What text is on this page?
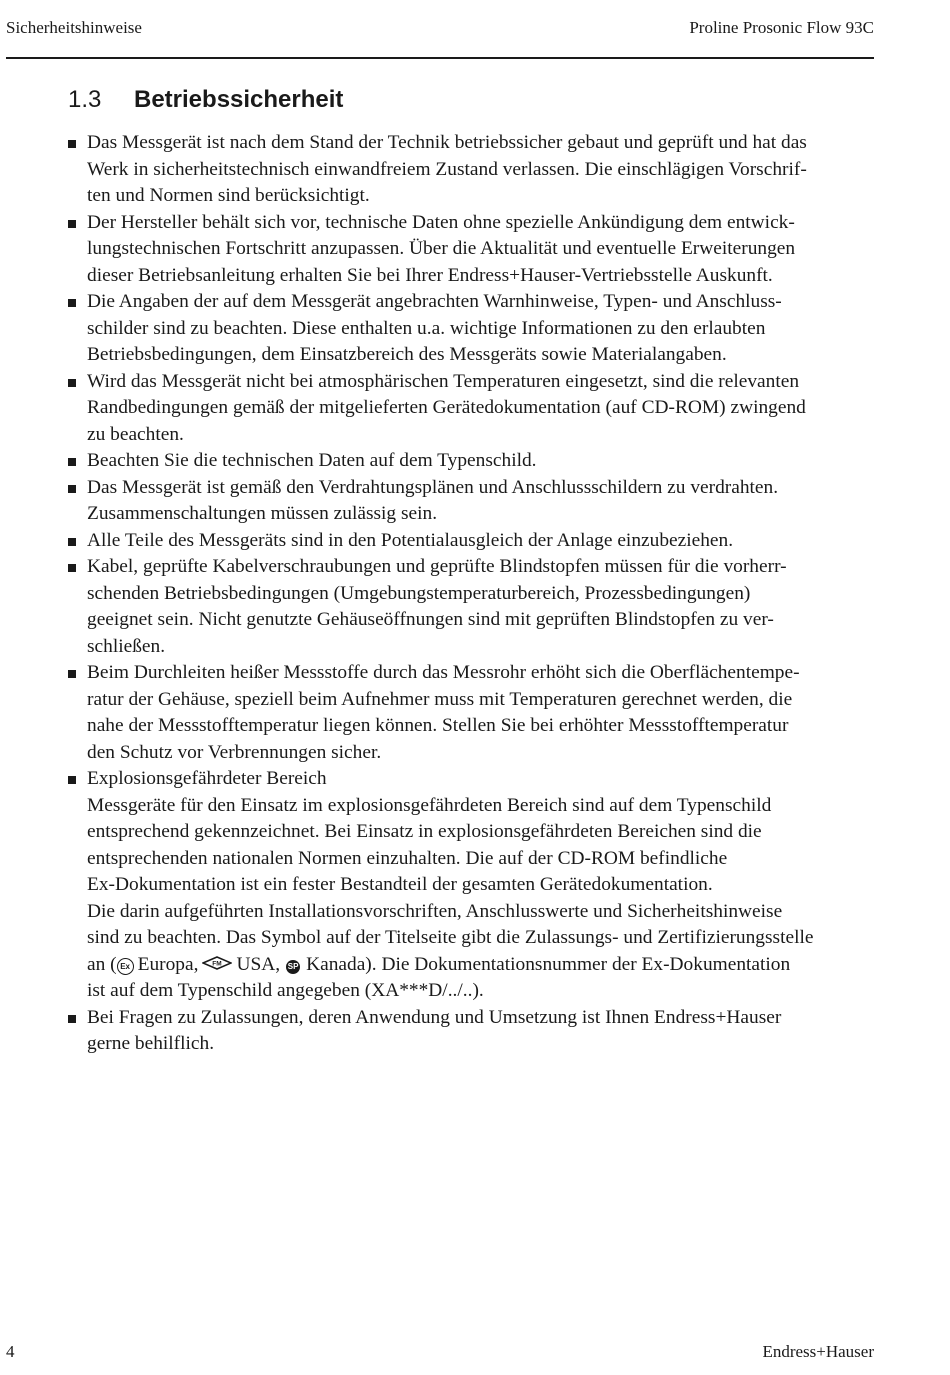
Sicherheitshinweise	Proline Prosonic Flow 93C
1.3	Betriebssicherheit
Das Messgerät ist nach dem Stand der Technik betriebssicher gebaut und geprüft und hat das
Werk in sicherheitstechnisch einwandfreiem Zustand verlassen. Die einschlägigen Vorschrif-
ten und Normen sind berücksichtigt.
Der Hersteller behält sich vor, technische Daten ohne spezielle Ankündigung dem entwick-
lungstechnischen Fortschritt anzupassen. Über die Aktualität und eventuelle Erweiterungen
dieser Betriebsanleitung erhalten Sie bei Ihrer Endress+Hauser-Vertriebsstelle Auskunft.
Die Angaben der auf dem Messgerät angebrachten Warnhinweise, Typen- und Anschluss-
schilder sind zu beachten. Diese enthalten u.a. wichtige Informationen zu den erlaubten
Betriebsbedingungen, dem Einsatzbereich des Messgeräts sowie Materialangaben.
Wird das Messgerät nicht bei atmosphärischen Temperaturen eingesetzt, sind die relevanten
Randbedingungen gemäß der mitgelieferten Gerätedokumentation (auf CD-ROM) zwingend
zu beachten.
Beachten Sie die technischen Daten auf dem Typenschild.
Das Messgerät ist gemäß den Verdrahtungsplänen und Anschlussschildern zu verdrahten.
Zusammenschaltungen müssen zulässig sein.
Alle Teile des Messgeräts sind in den Potentialausgleich der Anlage einzubeziehen.
Kabel, geprüfte Kabelverschraubungen und geprüfte Blindstopfen müssen für die vorherr-
schenden Betriebsbedingungen (Umgebungstemperaturbereich, Prozessbedingungen)
geeignet sein. Nicht genutzte Gehäuseöffnungen sind mit geprüften Blindstopfen zu ver-
schließen.
Beim Durchleiten heißer Messstoffe durch das Messrohr erhöht sich die Oberflächentempe-
ratur der Gehäuse, speziell beim Aufnehmer muss mit Temperaturen gerechnet werden, die
nahe der Messstofftemperatur liegen können. Stellen Sie bei erhöhter Messstofftemperatur
den Schutz vor Verbrennungen sicher.
Explosionsgefährdeter Bereich
Messgeräte für den Einsatz im explosionsgefährdeten Bereich sind auf dem Typenschild
entsprechend gekennzeichnet. Bei Einsatz in explosionsgefährdeten Bereichen sind die
entsprechenden nationalen Normen einzuhalten. Die auf der CD-ROM befindliche
Ex-Dokumentation ist ein fester Bestandteil der gesamten Gerätedokumentation.
Die darin aufgeführten Installationsvorschriften, Anschlusswerte und Sicherheitshinweise
sind zu beachten. Das Symbol auf der Titelseite gibt die Zulassungs- und Zertifizierungsstelle
an ( Ex Europa, FM USA, SP Kanada). Die Dokumentationsnummer der Ex-Dokumentation
ist auf dem Typenschild angegeben (XA***D/../..).
Bei Fragen zu Zulassungen, deren Anwendung und Umsetzung ist Ihnen Endress+Hauser
gerne behilflich.
4	Endress+Hauser
